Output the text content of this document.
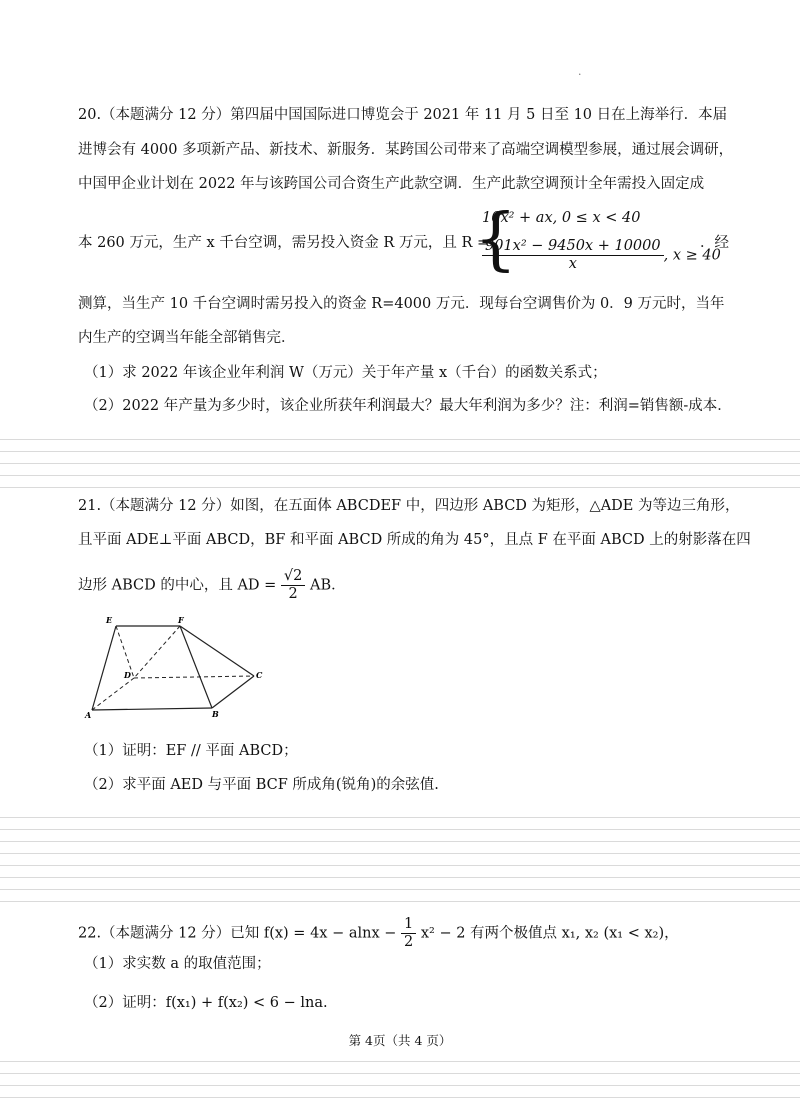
·
20.（本题满分 12 分）第四届中国国际进口博览会于 2021 年 11 月 5 日至 10 日在上海举行．本届
进博会有 4000 多项新产品、新技术、新服务．某跨国公司带来了高端空调模型参展，通过展会调研，
中国甲企业计划在 2022 年与该跨国公司合资生产此款空调．生产此款空调预计全年需投入固定成
本 260 万元，生产 x 千台空调，需另投入资金 R 万元，且 R =
{
10x² + ax, 0 ≤ x < 40
$\frac{\text{901x² − 9450x + 10000}}{x}$ , x ≥ 40
．经
测算，当生产 10 千台空调时需另投入的资金 R=4000 万元．现每台空调售价为 0．9 万元时，当年
内生产的空调当年能全部销售完．
（1）求 2022 年该企业年利润 W（万元）关于年产量 x（千台）的函数关系式；
（2）2022 年产量为多少时，该企业所获年利润最大？最大年利润为多少？注：利润=销售额-成本．
21.（本题满分 12 分）如图，在五面体 ABCDEF 中，四边形 ABCD 为矩形，△ADE 为等边三角形，
且平面 ADE⊥平面 ABCD，BF 和平面 ABCD 所成的角为 45°，且点 F 在平面 ABCD 上的射影落在四
边形 ABCD 的中心，且 AD = $\frac{√2}{2}$ AB．
E	F
D	C
A	B
（1）证明：EF // 平面 ABCD；
（2）求平面 AED 与平面 BCF 所成角(锐角)的余弦值.
22.（本题满分 12 分）已知 $f(x) = 4x - alnx - \frac{1}{2} x^2 - 2$ 有两个极值点 x₁, x₂ (x₁ < x₂)，
（1）求实数 a 的取值范围；
（2）证明：f(x₁) + f(x₂) < 6 − lna.
第 4页（共 4 页）
